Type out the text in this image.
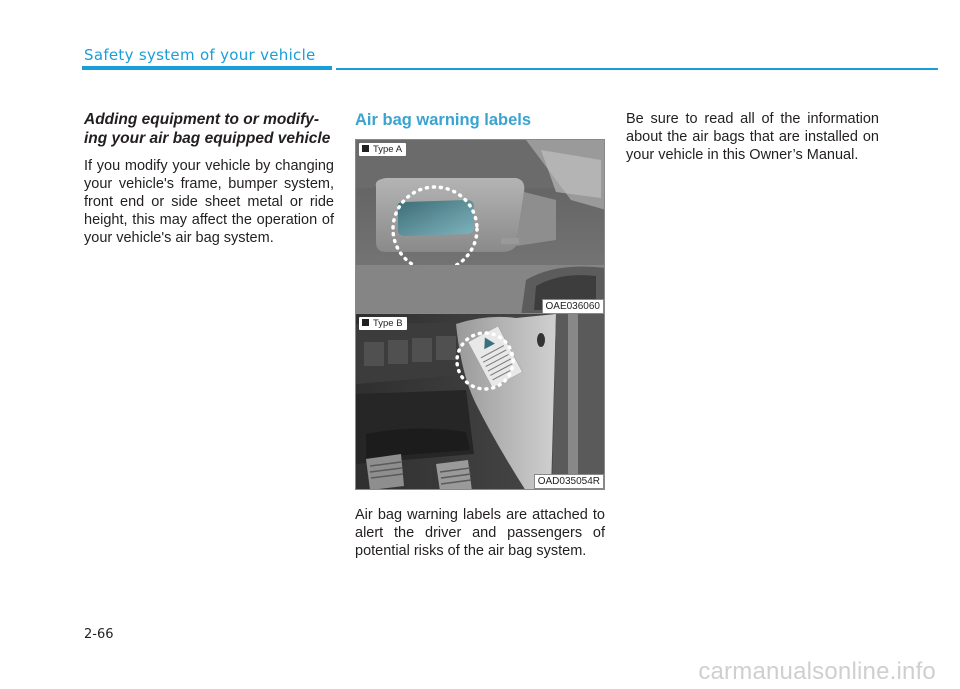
Safety system of your vehicle

Adding equipment to or modify-
ing your air bag equipped vehicle

If you modify your vehicle by changing your vehicle's frame, bumper system, front end or side sheet metal or ride height, this may affect the operation of your vehicle's air bag system.

Air bag warning labels

Type A
OAE036060
Type B
OAD035054R

Air bag warning labels are attached to alert the driver and passengers of potential risks of the air bag system.

Be sure to read all of the information about the air bags that are installed on your vehicle in this Owner’s Manual.

2-66
carmanualsonline.info
